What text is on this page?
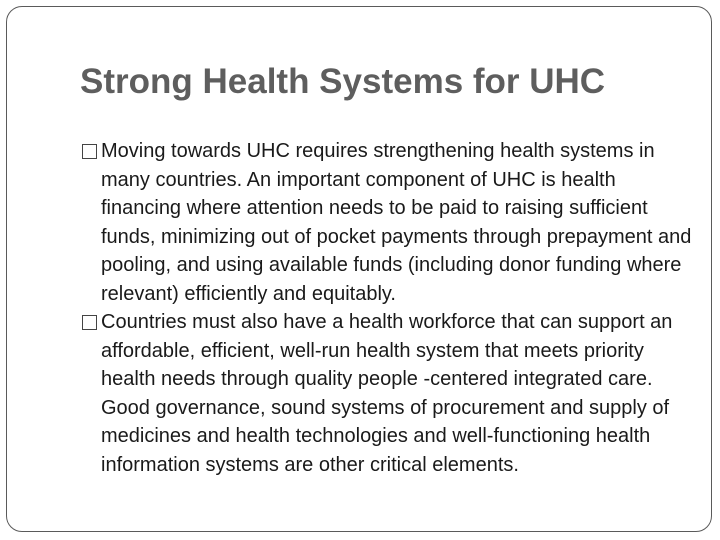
Strong Health Systems for UHC
Moving towards UHC requires strengthening health systems in many countries. An important component of UHC is health financing where attention needs to be paid to raising sufficient funds, minimizing out of pocket payments through prepayment and pooling, and using available funds (including donor funding where relevant) efficiently and equitably.
Countries must also have a health workforce that can support an affordable, efficient, well-run health system that meets priority health needs through quality people -centered integrated care. Good governance, sound systems of procurement and supply of medicines and health technologies and well-functioning health information systems are other critical elements.
